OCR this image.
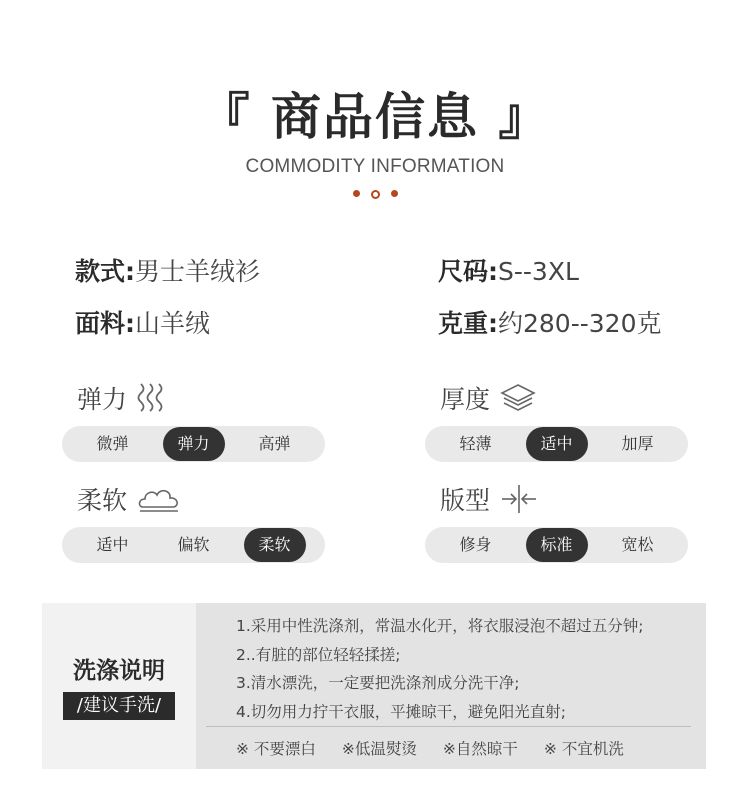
『 商品信息 』
COMMODITY INFORMATION
款式:男士羊绒衫	尺码:S--3XL
面料:山羊绒	克重:约280--320克
弹力
微弹	弹力	高弹
厚度
轻薄	适中	加厚
柔软
适中	偏软	柔软
版型
修身	标准	宽松
洗涤说明
/建议手洗/
1.采用中性洗涤剂，常温水化开，将衣服浸泡不超过五分钟;
2..有脏的部位轻轻揉搓;
3.清水漂洗，一定要把洗涤剂成分洗干净;
4.切勿用力拧干衣服，平摊晾干，避免阳光直射;
※ 不要漂白 ※低温熨烫 ※自然晾干 ※ 不宜机洗
